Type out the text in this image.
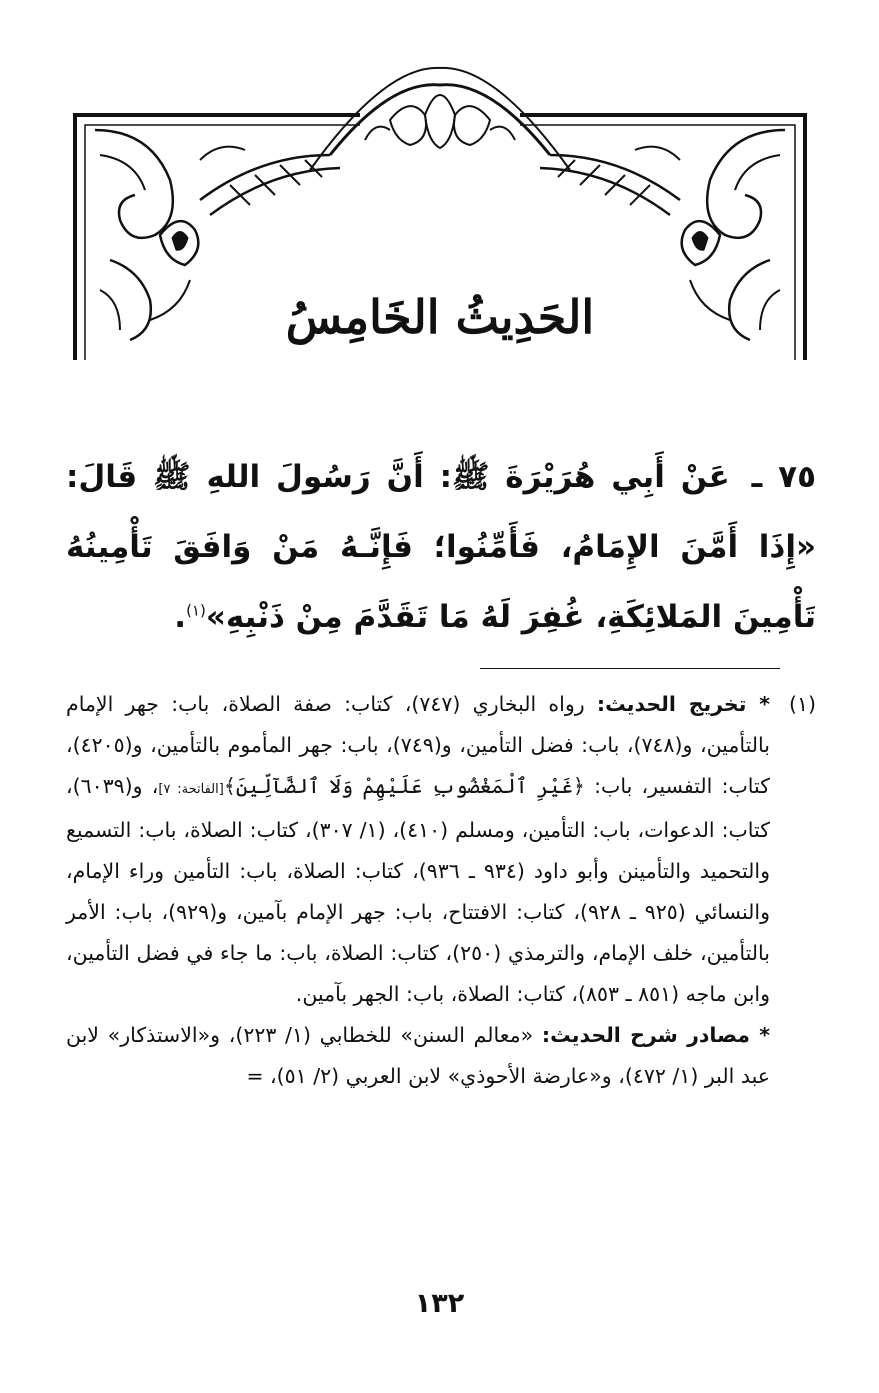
الحَدِيثُ الخَامِسُ
٧٥ ـ عَنْ أَبِي هُرَيْرَةَ ﷺ: أَنَّ رَسُولَ اللهِ ﷺ قَالَ: «إِذَا أَمَّنَ الإِمَامُ، فَأَمِّنُوا؛ فَإِنَّـهُ مَنْ وَافَقَ تَأْمِينُهُ تَأْمِينَ المَلائِكَةِ، غُفِرَ لَهُ مَا تَقَدَّمَ مِنْ ذَنْبِهِ»$^{(١)}$.
(١)
* تخريج الحديث: رواه البخاري (٧٤٧)، كتاب: صفة الصلاة، باب: جهر الإمام بالتأمين، و(٧٤٨)، باب: فضل التأمين، و(٧٤٩)، باب: جهر المأموم بالتأمين، و(٤٢٠٥)، كتاب: التفسير، باب: ﴿غَيْرِ ٱلْمَغْضُوبِ عَلَيْهِمْ وَلَا ٱلضَّآلِّينَ﴾[الفاتحة: ٧]، و(٦٠٣٩)، كتاب: الدعوات، باب: التأمين، ومسلم (٤١٠)، (١/ ٣٠٧)، كتاب: الصلاة، باب: التسميع والتحميد والتأمينن وأبو داود (٩٣٤ ـ ٩٣٦)، كتاب: الصلاة، باب: التأمين وراء الإمام، والنسائي (٩٢٥ ـ ٩٢٨)، كتاب: الافتتاح، باب: جهر الإمام بآمين، و(٩٢٩)، باب: الأمر بالتأمين، خلف الإمام، والترمذي (٢٥٠)، كتاب: الصلاة، باب: ما جاء في فضل التأمين، وابن ماجه (٨٥١ ـ ٨٥٣)، كتاب: الصلاة، باب: الجهر بآمين.
* مصادر شرح الحديث: «معالم السنن» للخطابي (١/ ٢٢٣)، و«الاستذكار» لابن عبد البر (١/ ٤٧٢)، و«عارضة الأحوذي» لابن العربي (٢/ ٥١)، =
١٣٢
